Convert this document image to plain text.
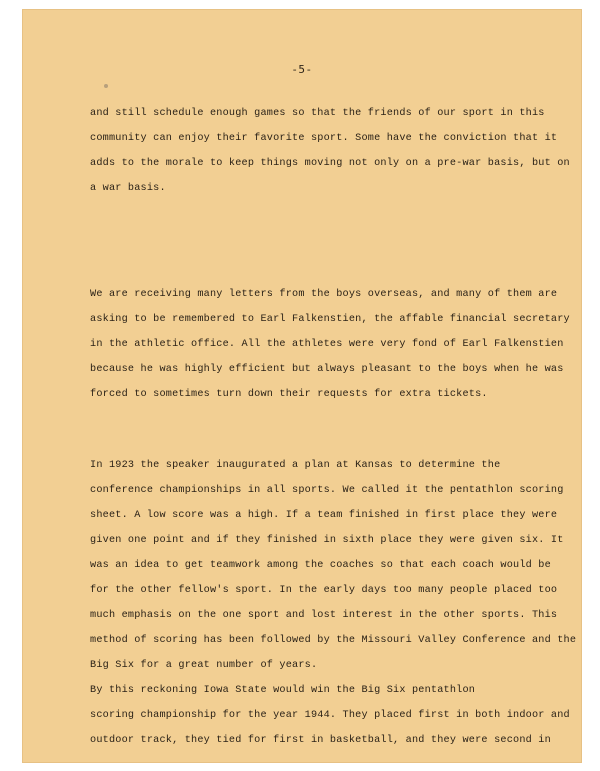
-5-
and still schedule enough games so that the friends of our sport in this
community can enjoy their favorite sport. Some have the conviction that it
adds to the morale to keep things moving not only on a pre-war basis, but on
a war basis.
We are receiving many letters from the boys overseas, and many of them are
asking to be remembered to Earl Falkenstien, the affable financial secretary
in the athletic office. All the athletes were very fond of Earl Falkenstien
because he was highly efficient but always pleasant to the boys when he was
forced to sometimes turn down their requests for extra tickets.
In 1923 the speaker inaugurated a plan at Kansas to determine the
conference championships in all sports. We called it the pentathlon scoring
sheet. A low score was a high. If a team finished in first place they were
given one point and if they finished in sixth place they were given six. It
was an idea to get teamwork among the coaches so that each coach would be
for the other fellow's sport. In the early days too many people placed too
much emphasis on the one sport and lost interest in the other sports. This
method of scoring has been followed by the Missouri Valley Conference and the
Big Six for a great number of years.
By this reckoning Iowa State would win the Big Six pentathlon
scoring championship for the year 1944. They placed first in both indoor and
outdoor track, they tied for first in basketball, and they were second in
